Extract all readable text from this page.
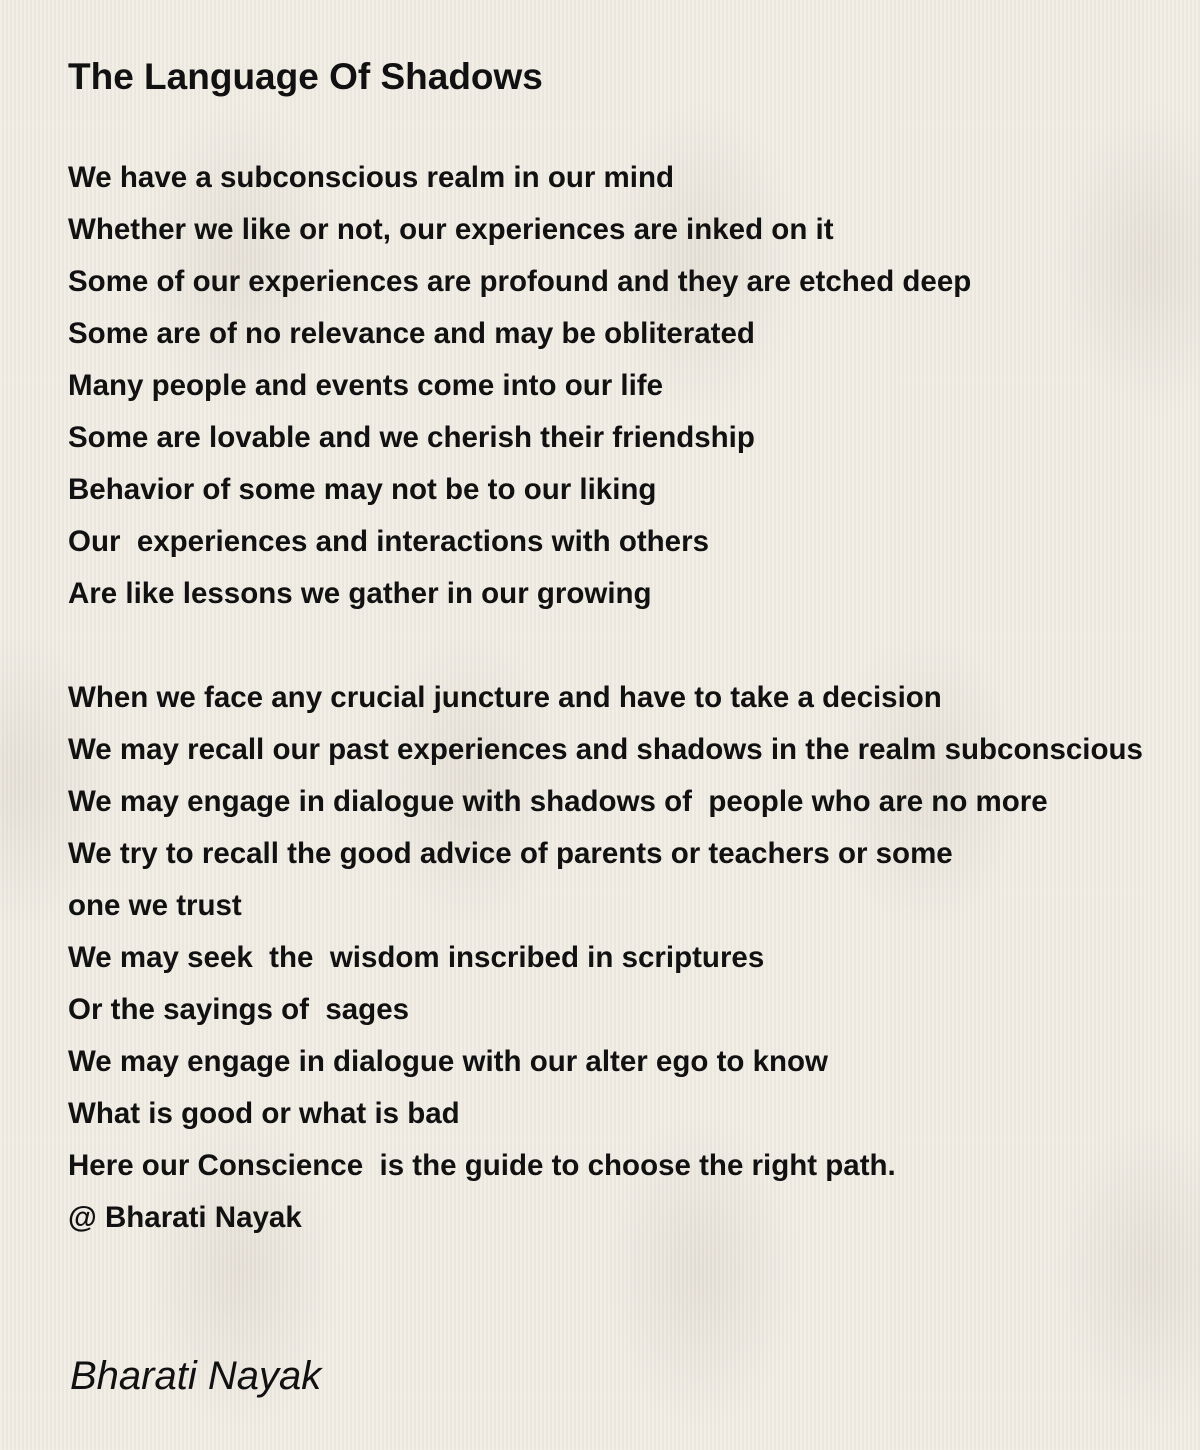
The Language Of Shadows
We have a subconscious realm in our mind
Whether we like or not, our experiences are inked on it
Some of our experiences are profound and they are etched deep
Some are of no relevance and may be obliterated
Many people and events come into our life
Some are lovable and we cherish their friendship
Behavior of some may not be to our liking
Our  experiences and interactions with others
Are like lessons we gather in our growing
When we face any crucial juncture and have to take a decision
We may recall our past experiences and shadows in the realm subconscious
We may engage in dialogue with shadows of  people who are no more
We try to recall the good advice of parents or teachers or some
one we trust
We may seek  the  wisdom inscribed in scriptures
Or the sayings of  sages
We may engage in dialogue with our alter ego to know
What is good or what is bad
Here our Conscience  is the guide to choose the right path.
@ Bharati Nayak
Bharati Nayak
